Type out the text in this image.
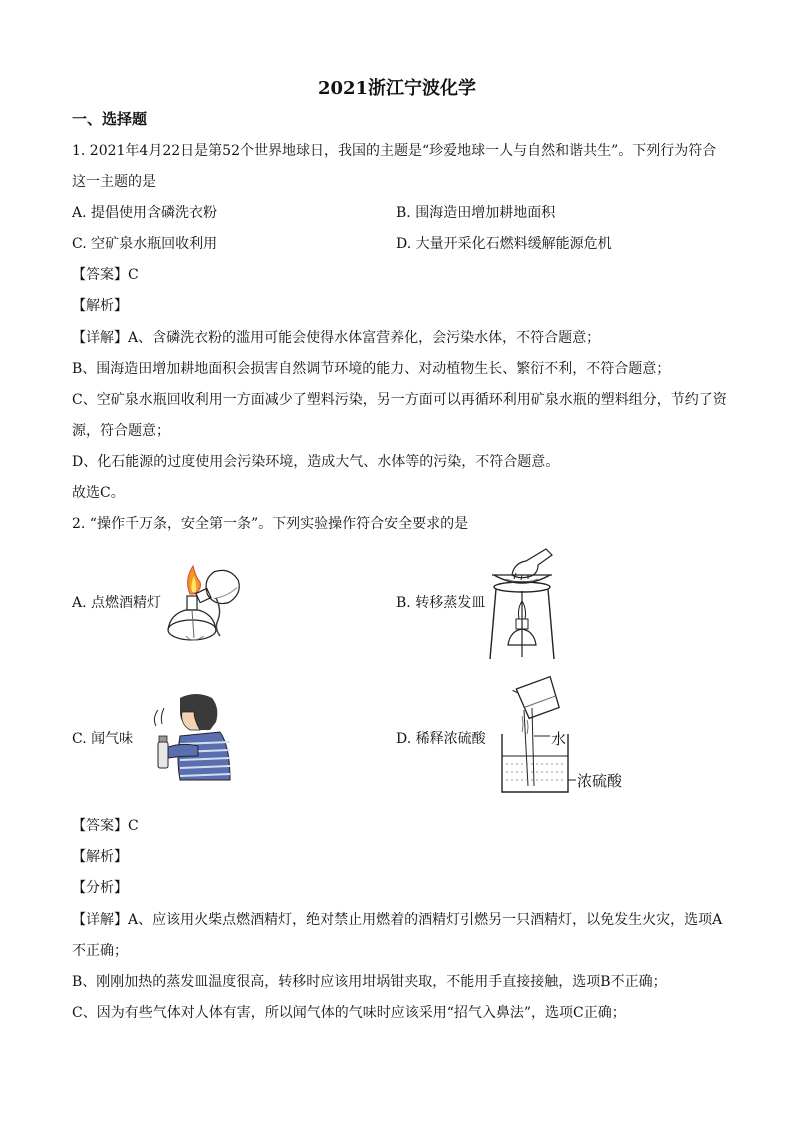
2021浙江宁波化学
一、选择题
1. 2021年4月22日是第52个世界地球日，我国的主题是“珍爱地球一人与自然和谐共生”。下列行为符合
这一主题的是
A. 提倡使用含磷洗衣粉	B. 围海造田增加耕地面积
C. 空矿泉水瓶回收利用	D. 大量开采化石燃料缓解能源危机
【答案】C
【解析】
【详解】A、含磷洗衣粉的滥用可能会使得水体富营养化，会污染水体，不符合题意；
B、围海造田增加耕地面积会损害自然调节环境的能力、对动植物生长、繁衍不利，不符合题意；
C、空矿泉水瓶回收利用一方面减少了塑料污染，另一方面可以再循环利用矿泉水瓶的塑料组分，节约了资
源，符合题意；
D、化石能源的过度使用会污染环境，造成大气、水体等的污染，不符合题意。
故选C。
2. “操作千万条，安全第一条”。下列实验操作符合安全要求的是
A. 点燃酒精灯	B. 转移蒸发皿
C. 闻气味	D. 稀释浓硫酸	水
浓硫酸
【答案】C
【解析】
【分析】
【详解】A、应该用火柴点燃酒精灯，绝对禁止用燃着的酒精灯引燃另一只酒精灯，以免发生火灾，选项A
不正确；
B、刚刚加热的蒸发皿温度很高，转移时应该用坩埚钳夹取，不能用手直接接触，选项B不正确；
C、因为有些气体对人体有害，所以闻气体的气味时应该采用“招气入鼻法”，选项C正确；
